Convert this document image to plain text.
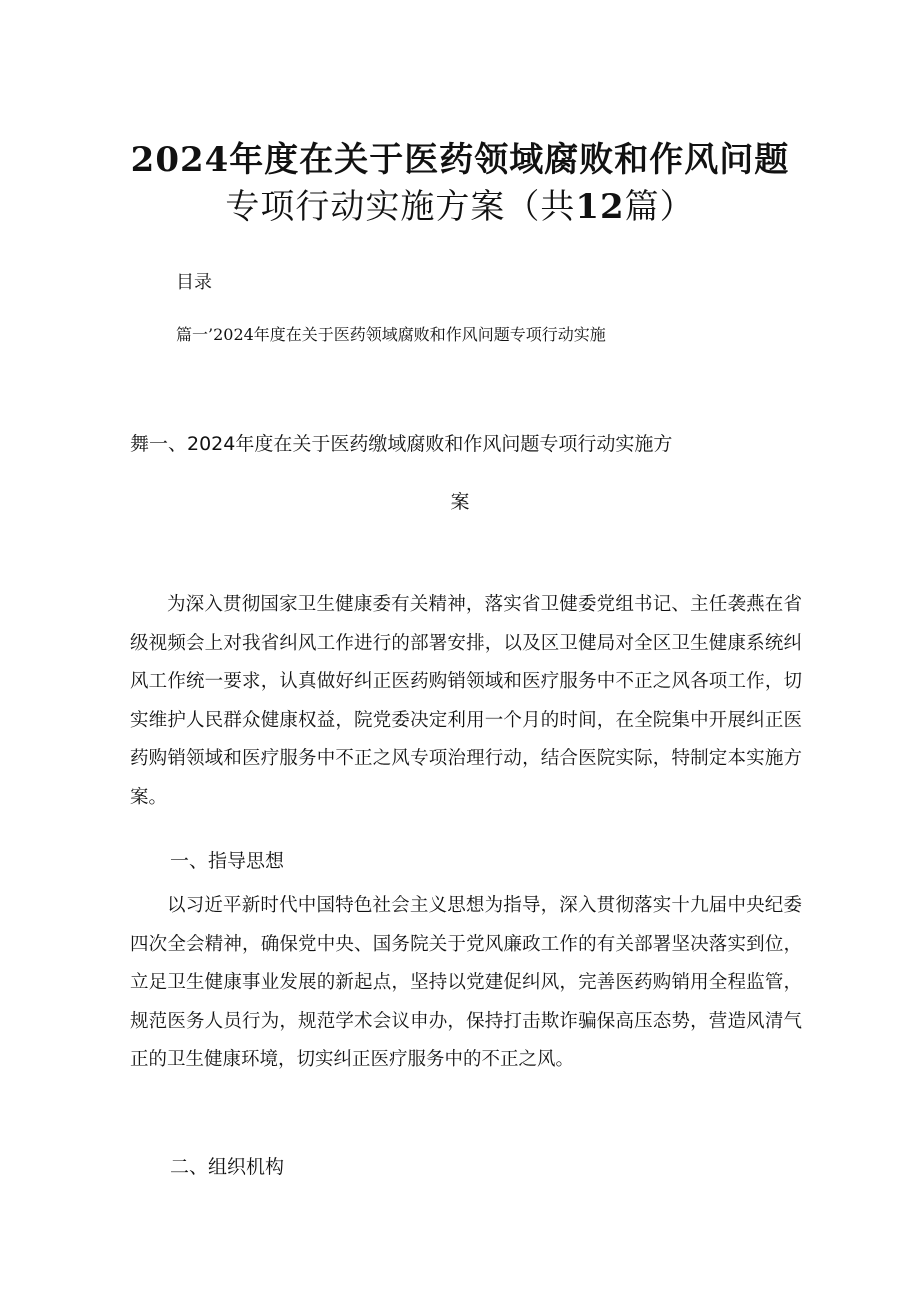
2024年度在关于医药领域腐败和作风问题
专项行动实施方案（共12篇）
目录
篇一’2024年度在关于医药领域腐败和作风问题专项行动实施
舞一、2024年度在关于医药缴域腐败和作风问题专项行动实施方
案
为深入贯彻国家卫生健康委有关精神，落实省卫健委党组书记、主任袭燕在省级视频会上对我省纠风工作进行的部署安排，以及区卫健局对全区卫生健康系统纠风工作统一要求，认真做好纠正医药购销领域和医疗服务中不正之风各项工作，切实维护人民群众健康权益，院党委决定利用一个月的时间，在全院集中开展纠正医药购销领域和医疗服务中不正之风专项治理行动，结合医院实际，特制定本实施方案。
一、指导思想
以习近平新时代中国特色社会主义思想为指导，深入贯彻落实十九届中央纪委四次全会精神，确保党中央、国务院关于党风廉政工作的有关部署坚决落实到位，立足卫生健康事业发展的新起点，坚持以党建促纠风，完善医药购销用全程监管，规范医务人员行为，规范学术会议申办，保持打击欺诈骗保高压态势，营造风清气正的卫生健康环境，切实纠正医疗服务中的不正之风。
二、组织机构
